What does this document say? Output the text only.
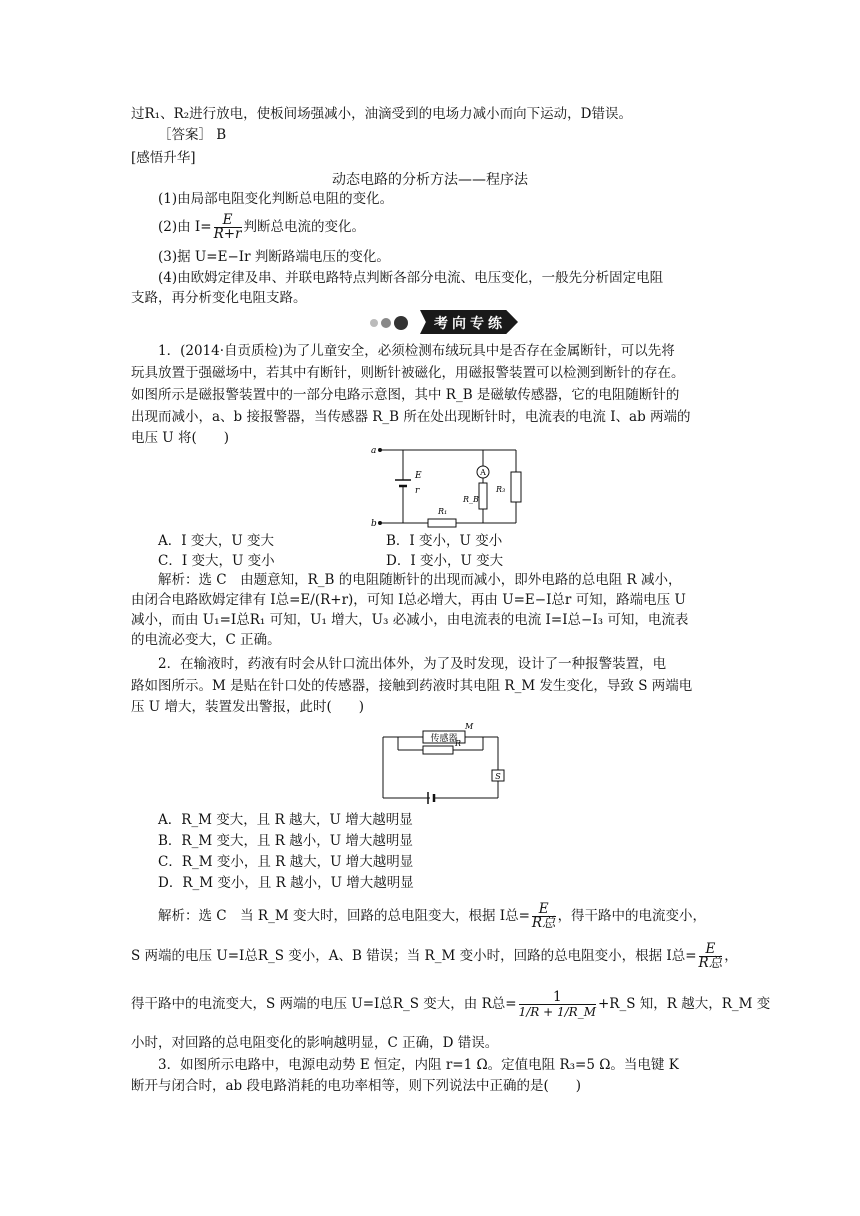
过R₁、R₂进行放电，使板间场强减小，油滴受到的电场力减小而向下运动，D错误。
［答案］ B
[感悟升华]
动态电路的分析方法——程序法
(1)由局部电阻变化判断总电阻的变化。
(2)由 $I= \frac{E}{R+r}$ 判断总电流的变化。
(3)据 U=E−Ir 判断路端电压的变化。
(4)由欧姆定律及串、并联电路特点判断各部分电流、电压变化，一般先分析固定电阻
支路，再分析变化电阻支路。
考向专练
1．(2014·自贡质检)为了儿童安全，必须检测布绒玩具中是否存在金属断针，可以先将
玩具放置于强磁场中，若其中有断针，则断针被磁化，用磁报警装置可以检测到断针的存在。
如图所示是磁报警装置中的一部分电路示意图，其中 R_B 是磁敏传感器，它的电阻随断针的
出现而减小，a、b 接报警器，当传感器 R_B 所在处出现断针时，电流表的电流 I、ab 两端的
电压 U 将(　　)
A
a
b
E
r
R_B
R₁
R₃
A．I 变大，U 变大	B．I 变小，U 变小
C．I 变大，U 变小	D．I 变小，U 变大
解析：选 C　由题意知，R_B 的电阻随断针的出现而减小，即外电路的总电阻 R 减小，
由闭合电路欧姆定律有 I总=E/(R+r)，可知 I总必增大，再由 U=E−I总r 可知，路端电压 U
减小，而由 U₁=I总R₁ 可知，U₁ 增大，U₃ 必减小，由电流表的电流 I=I总−I₃ 可知，电流表
的电流必变大，C 正确。
2．在输液时，药液有时会从针口流出体外，为了及时发现，设计了一种报警装置，电
路如图所示。M 是贴在针口处的传感器，接触到药液时其电阻 R_M 发生变化，导致 S 两端电
压 U 增大，装置发出警报，此时(　　)
传感器
M
R
S
A．R_M 变大，且 R 越大，U 增大越明显
B．R_M 变大，且 R 越小，U 增大越明显
C．R_M 变小，且 R 越大，U 增大越明显
D．R_M 变小，且 R 越小，U 增大越明显
解析：选 C　当 R_M 变大时，回路的总电阻变大，根据 I总= E
R总 ，得干路中的电流变小，
S 两端的电压 U=I总R_S 变小，A、B 错误；当 R_M 变小时，回路的总电阻变小，根据 I总= E
R总 ，
得干路中的电流变大，S 两端的电压 U=I总R_S 变大，由 R总= $\frac{1}{1/R + 1/R\_M}$ +R_S 知，R 越大，R_M 变
小时，对回路的总电阻变化的影响越明显，C 正确，D 错误。
3．如图所示电路中，电源电动势 E 恒定，内阻 r=1 Ω。定值电阻 R₃=5 Ω。当电键 K
断开与闭合时，ab 段电路消耗的电功率相等，则下列说法中正确的是(　　)
